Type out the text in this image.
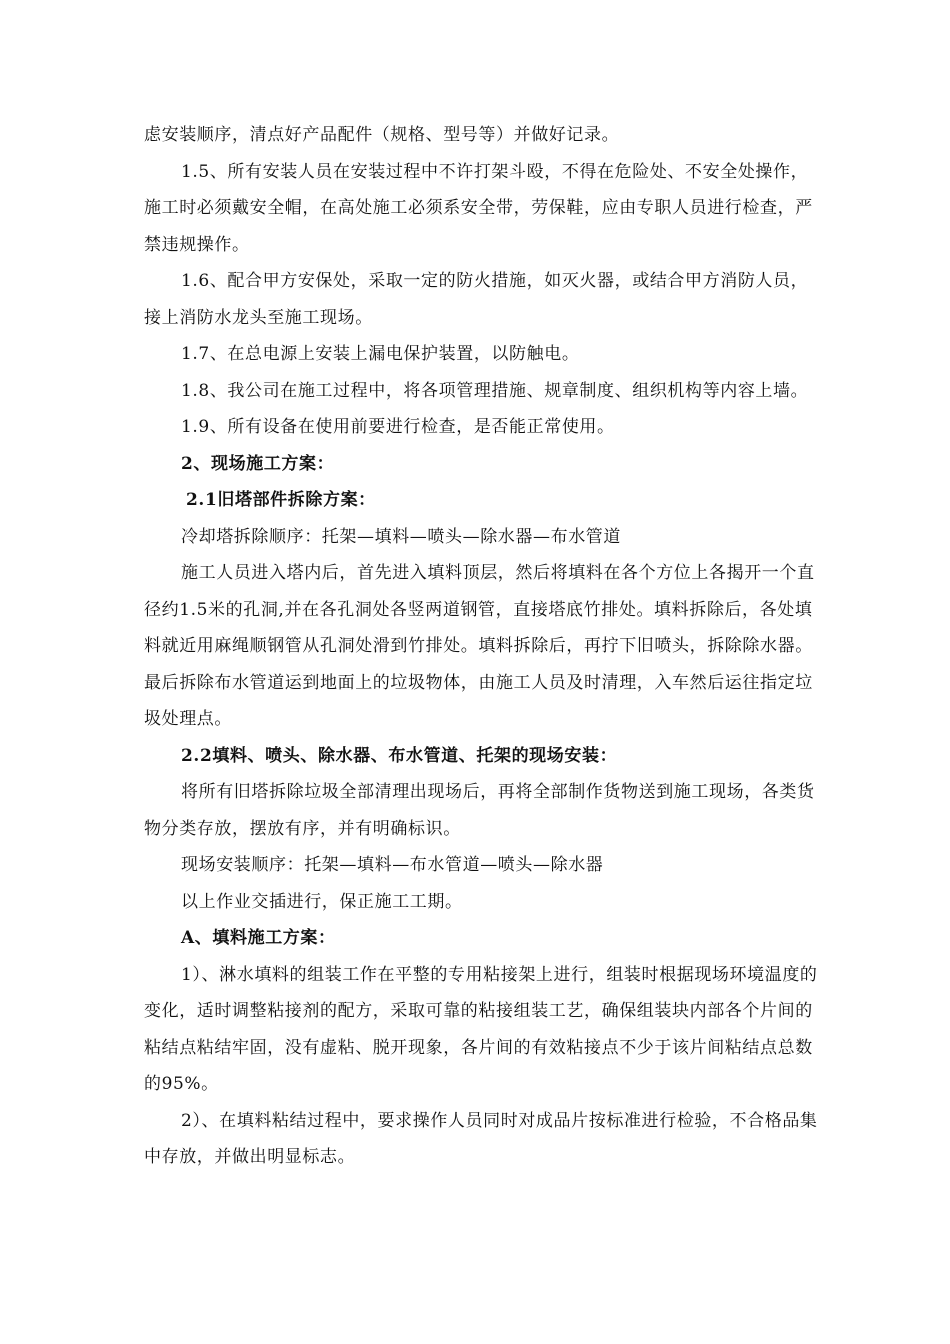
虑安装顺序，清点好产品配件（规格、型号等）并做好记录。

1.5、所有安装人员在安装过程中不许打架斗殴，不得在危险处、不安全处操作，施工时必须戴安全帽，在高处施工必须系安全带，劳保鞋，应由专职人员进行检查，严禁违规操作。

1.6、配合甲方安保处，采取一定的防火措施，如灭火器，或结合甲方消防人员，接上消防水龙头至施工现场。

1.7、在总电源上安装上漏电保护装置，以防触电。

1.8、我公司在施工过程中，将各项管理措施、规章制度、组织机构等内容上墙。

1.9、所有设备在使用前要进行检查，是否能正常使用。

2、现场施工方案：

2.1旧塔部件拆除方案：

冷却塔拆除顺序：托架—填料—喷头—除水器—布水管道

施工人员进入塔内后，首先进入填料顶层，然后将填料在各个方位上各揭开一个直径约1.5米的孔洞,并在各孔洞处各竖两道钢管，直接塔底竹排处。填料拆除后，各处填料就近用麻绳顺钢管从孔洞处滑到竹排处。填料拆除后，再拧下旧喷头，拆除除水器。最后拆除布水管道运到地面上的垃圾物体，由施工人员及时清理，入车然后运往指定垃圾处理点。

2.2填料、喷头、除水器、布水管道、托架的现场安装：

将所有旧塔拆除垃圾全部清理出现场后，再将全部制作货物送到施工现场，各类货物分类存放，摆放有序，并有明确标识。

现场安装顺序：托架—填料—布水管道—喷头—除水器

以上作业交插进行，保正施工工期。

A、填料施工方案：

1）、淋水填料的组装工作在平整的专用粘接架上进行，组装时根据现场环境温度的变化，适时调整粘接剂的配方，采取可靠的粘接组装工艺，确保组装块内部各个片间的粘结点粘结牢固，没有虚粘、脱开现象，各片间的有效粘接点不少于该片间粘结点总数的95%。

2）、在填料粘结过程中，要求操作人员同时对成品片按标准进行检验，不合格品集中存放，并做出明显标志。
